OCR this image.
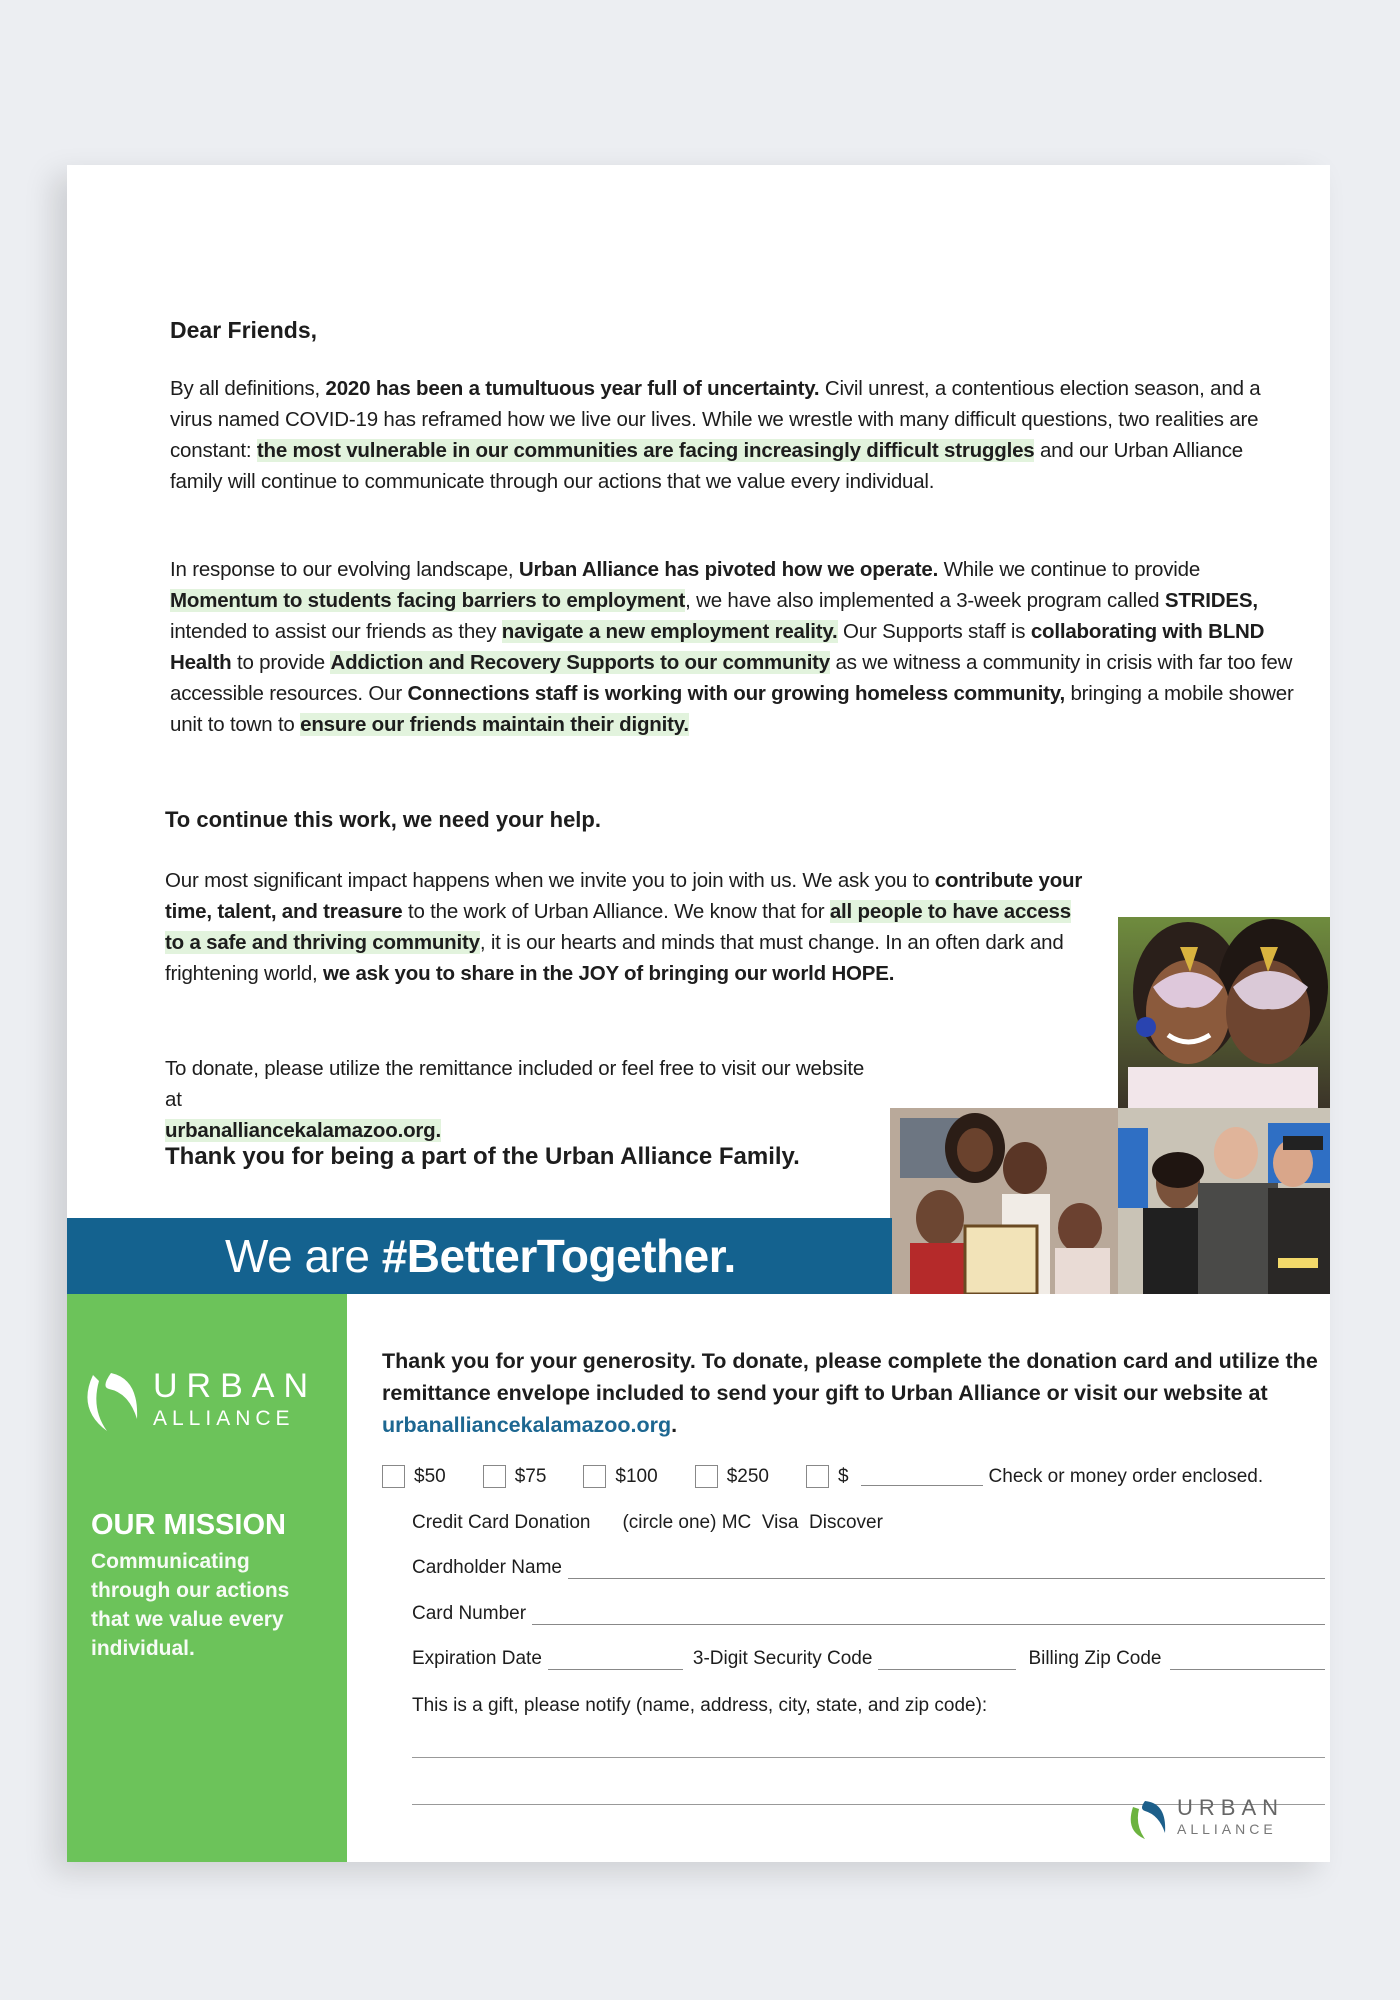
Dear Friends,

By all definitions, 2020 has been a tumultuous year full of uncertainty. Civil unrest, a contentious election season, and a virus named COVID-19 has reframed how we live our lives. While we wrestle with many difficult questions, two realities are constant: the most vulnerable in our communities are facing increasingly difficult struggles and our Urban Alliance family will continue to communicate through our actions that we value every individual.

In response to our evolving landscape, Urban Alliance has pivoted how we operate. While we continue to provide Momentum to students facing barriers to employment, we have also implemented a 3-week program called STRIDES, intended to assist our friends as they navigate a new employment reality. Our Supports staff is collaborating with BLND Health to provide Addiction and Recovery Supports to our community as we witness a community in crisis with far too few accessible resources. Our Connections staff is working with our growing homeless community, bringing a mobile shower unit to town to ensure our friends maintain their dignity.

To continue this work, we need your help.

Our most significant impact happens when we invite you to join with us. We ask you to contribute your time, talent, and treasure to the work of Urban Alliance. We know that for all people to have access to a safe and thriving community, it is our hearts and minds that must change. In an often dark and frightening world, we ask you to share in the JOY of bringing our world HOPE.

To donate, please utilize the remittance included or feel free to visit our website at
urbanalliancekalamazoo.org.

Thank you for being a part of the Urban Alliance Family.

We are #BetterTogether.
URBAN
ALLIANCE
OUR MISSION
Communicating through our actions that we value every individual.

Thank you for your generosity. To donate, please complete the donation card and utilize the remittance envelope included to send your gift to Urban Alliance or visit our website at urbanalliancekalamazoo.org.

$50	$75	$100	$250	$	Check or money order enclosed.
Credit Card Donation (circle one) MC  Visa  Discover
Cardholder Name
Card Number
Expiration Date	3-Digit Security Code	Billing Zip Code
This is a gift, please notify (name, address, city, state, and zip code):
URBAN
ALLIANCE
